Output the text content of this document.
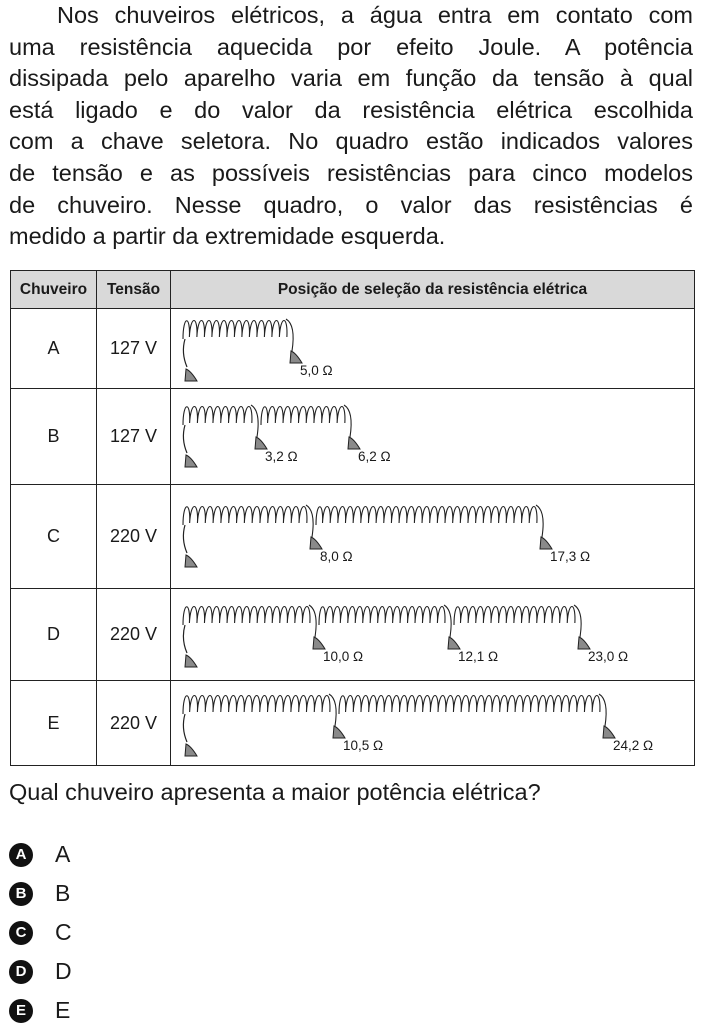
Nos chuveiros elétricos, a água entra em contato com
uma resistência aquecida por efeito Joule. A potência
dissipada pelo aparelho varia em função da tensão à qual
está ligado e do valor da resistência elétrica escolhida
com a chave seletora. No quadro estão indicados valores
de tensão e as possíveis resistências para cinco modelos
de chuveiro. Nesse quadro, o valor das resistências é
medido a partir da extremidade esquerda.
Chuveiro	Tensão	Posição de seleção da resistência elétrica
A	127 V	5,0 Ω

B	127 V	3,2 Ω 6,2 Ω

C	220 V	8,0 Ω 17,3 Ω

D	220 V	10,0 Ω 12,1 Ω 23,0 Ω

E	220 V	10,5 Ω 24,2 Ω
Qual chuveiro apresenta a maior potência elétrica?
A A
B B
C C
D D
E	E
